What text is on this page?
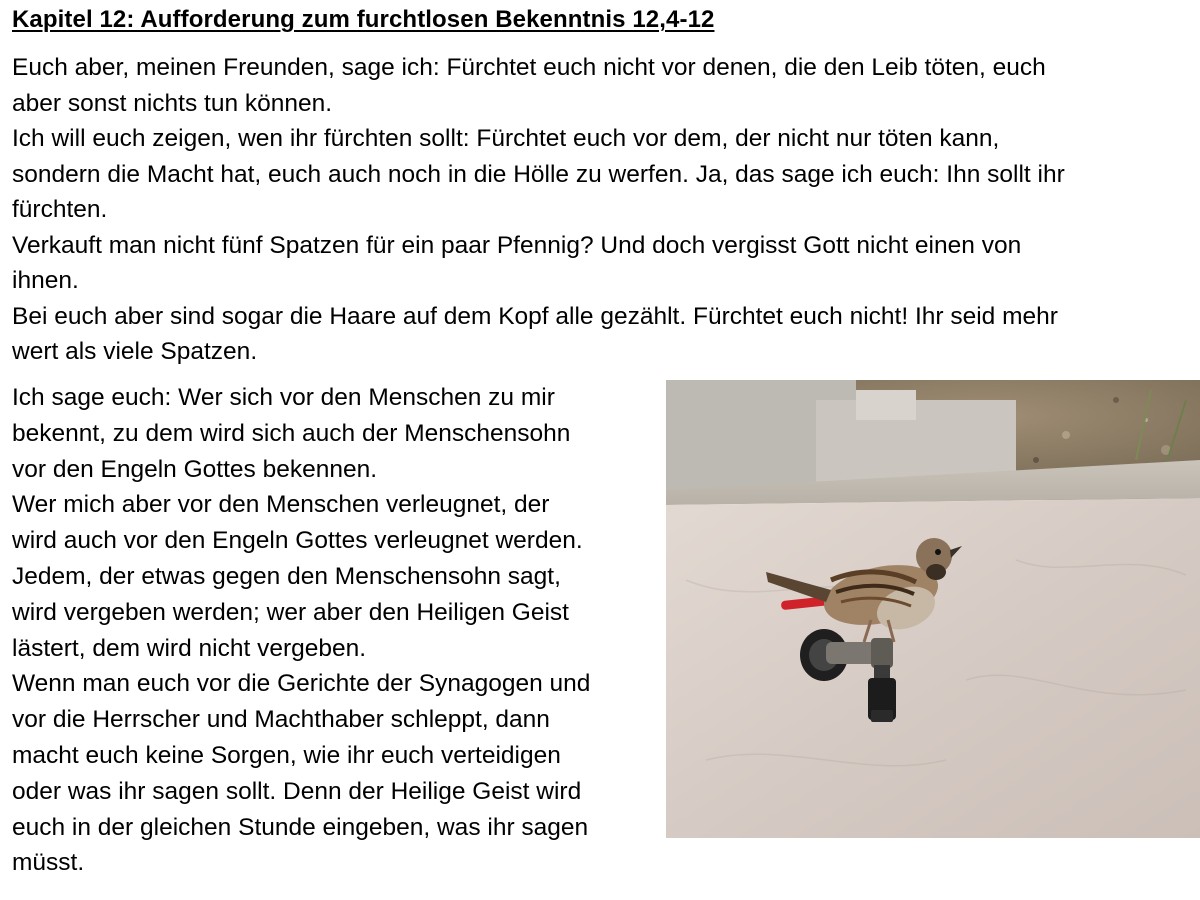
Kapitel 12: Aufforderung zum furchtlosen Bekenntnis 12,4-12
Euch aber, meinen Freunden, sage ich: Fürchtet euch nicht vor denen, die den Leib töten, euch
aber sonst nichts tun können.
Ich will euch zeigen, wen ihr fürchten sollt: Fürchtet euch vor dem, der nicht nur töten kann,
sondern die Macht hat, euch auch noch in die Hölle zu werfen. Ja, das sage ich euch: Ihn sollt ihr
fürchten.
Verkauft man nicht fünf Spatzen für ein paar Pfennig? Und doch vergisst Gott nicht einen von
ihnen.
Bei euch aber sind sogar die Haare auf dem Kopf alle gezählt. Fürchtet euch nicht! Ihr seid mehr
wert als viele Spatzen.
Ich sage euch: Wer sich vor den Menschen zu mir
bekennt, zu dem wird sich auch der Menschensohn
vor den Engeln Gottes bekennen.
Wer mich aber vor den Menschen verleugnet, der
wird auch vor den Engeln Gottes verleugnet werden.
Jedem, der etwas gegen den Menschensohn sagt,
wird vergeben werden; wer aber den Heiligen Geist
lästert, dem wird nicht vergeben.
Wenn man euch vor die Gerichte der Synagogen und
vor die Herrscher und Machthaber schleppt, dann
macht euch keine Sorgen, wie ihr euch verteidigen
oder was ihr sagen sollt. Denn der Heilige Geist wird
euch in der gleichen Stunde eingeben, was ihr sagen
müsst.
